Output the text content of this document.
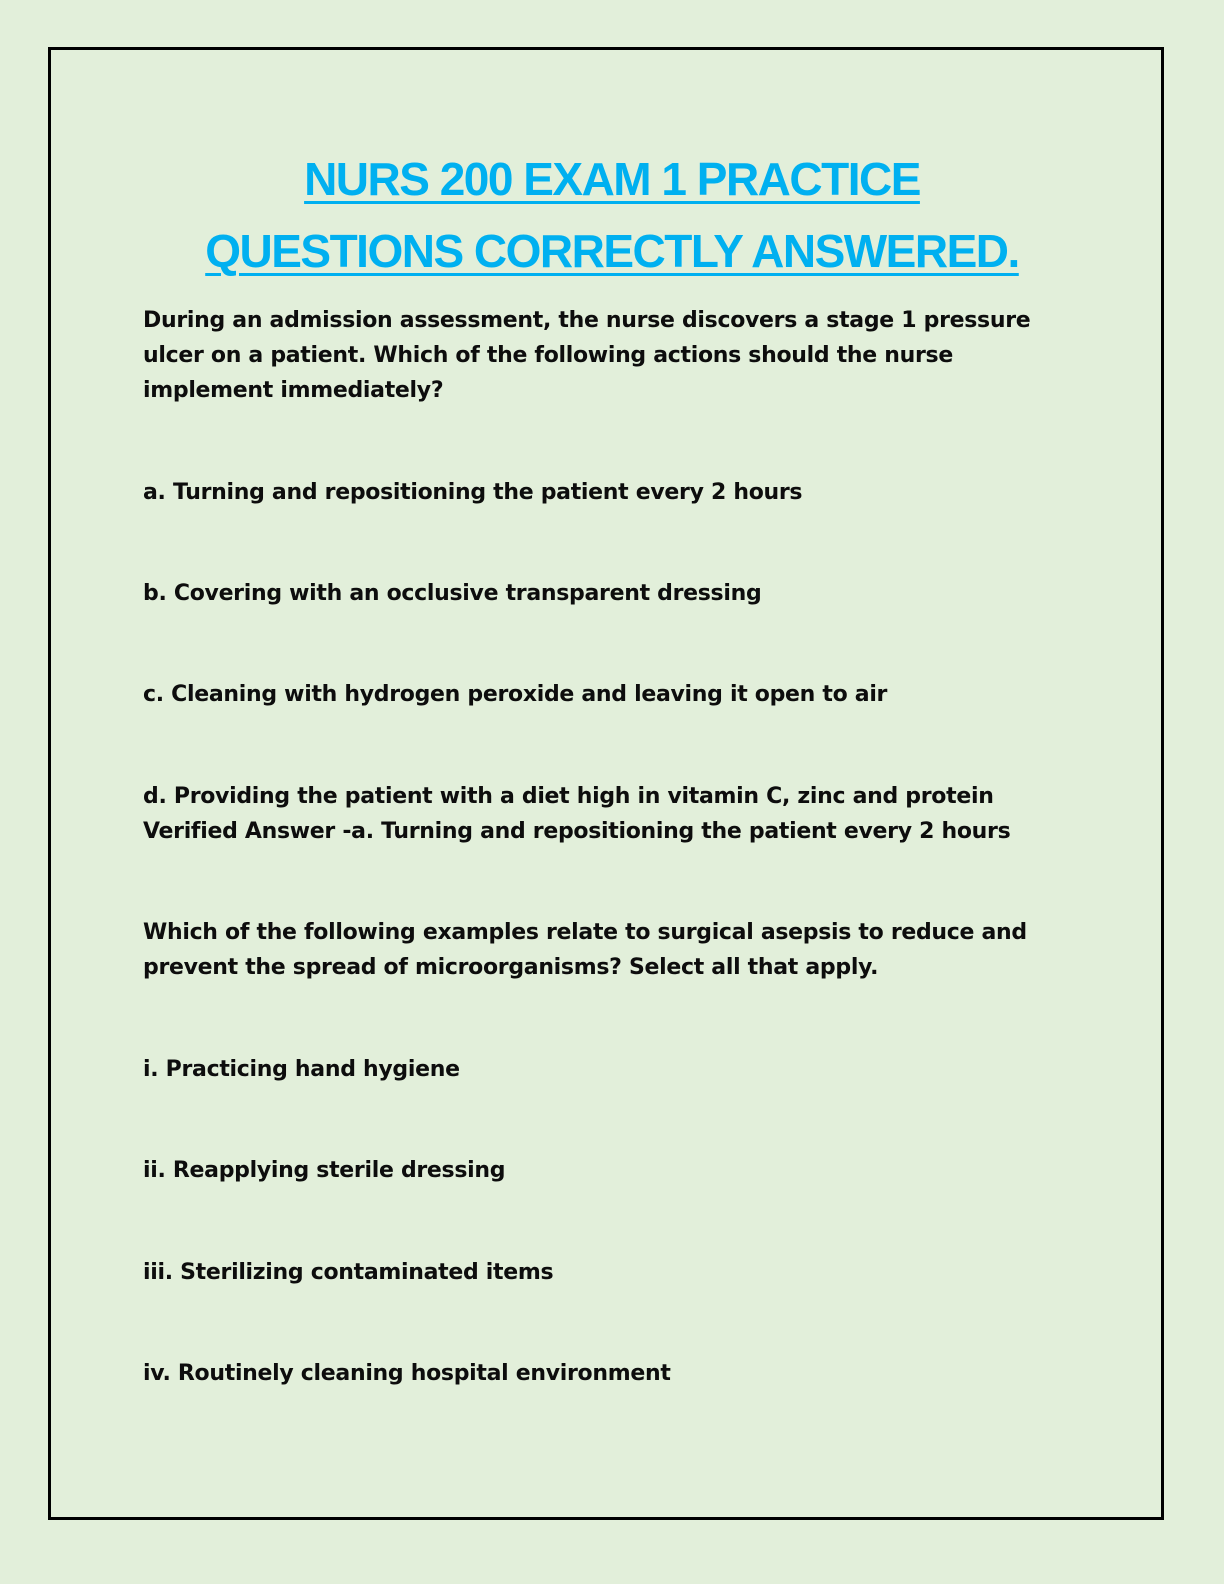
NURS 200 EXAM 1 PRACTICE
QUESTIONS CORRECTLY ANSWERED.
During an admission assessment, the nurse discovers a stage 1 pressure
ulcer on a patient. Which of the following actions should the nurse
implement immediately?
a. Turning and repositioning the patient every 2 hours
b. Covering with an occlusive transparent dressing
c. Cleaning with hydrogen peroxide and leaving it open to air
d. Providing the patient with a diet high in vitamin C, zinc and protein
Verified Answer -a. Turning and repositioning the patient every 2 hours
Which of the following examples relate to surgical asepsis to reduce and
prevent the spread of microorganisms? Select all that apply.
i. Practicing hand hygiene
ii. Reapplying sterile dressing
iii. Sterilizing contaminated items
iv. Routinely cleaning hospital environment
